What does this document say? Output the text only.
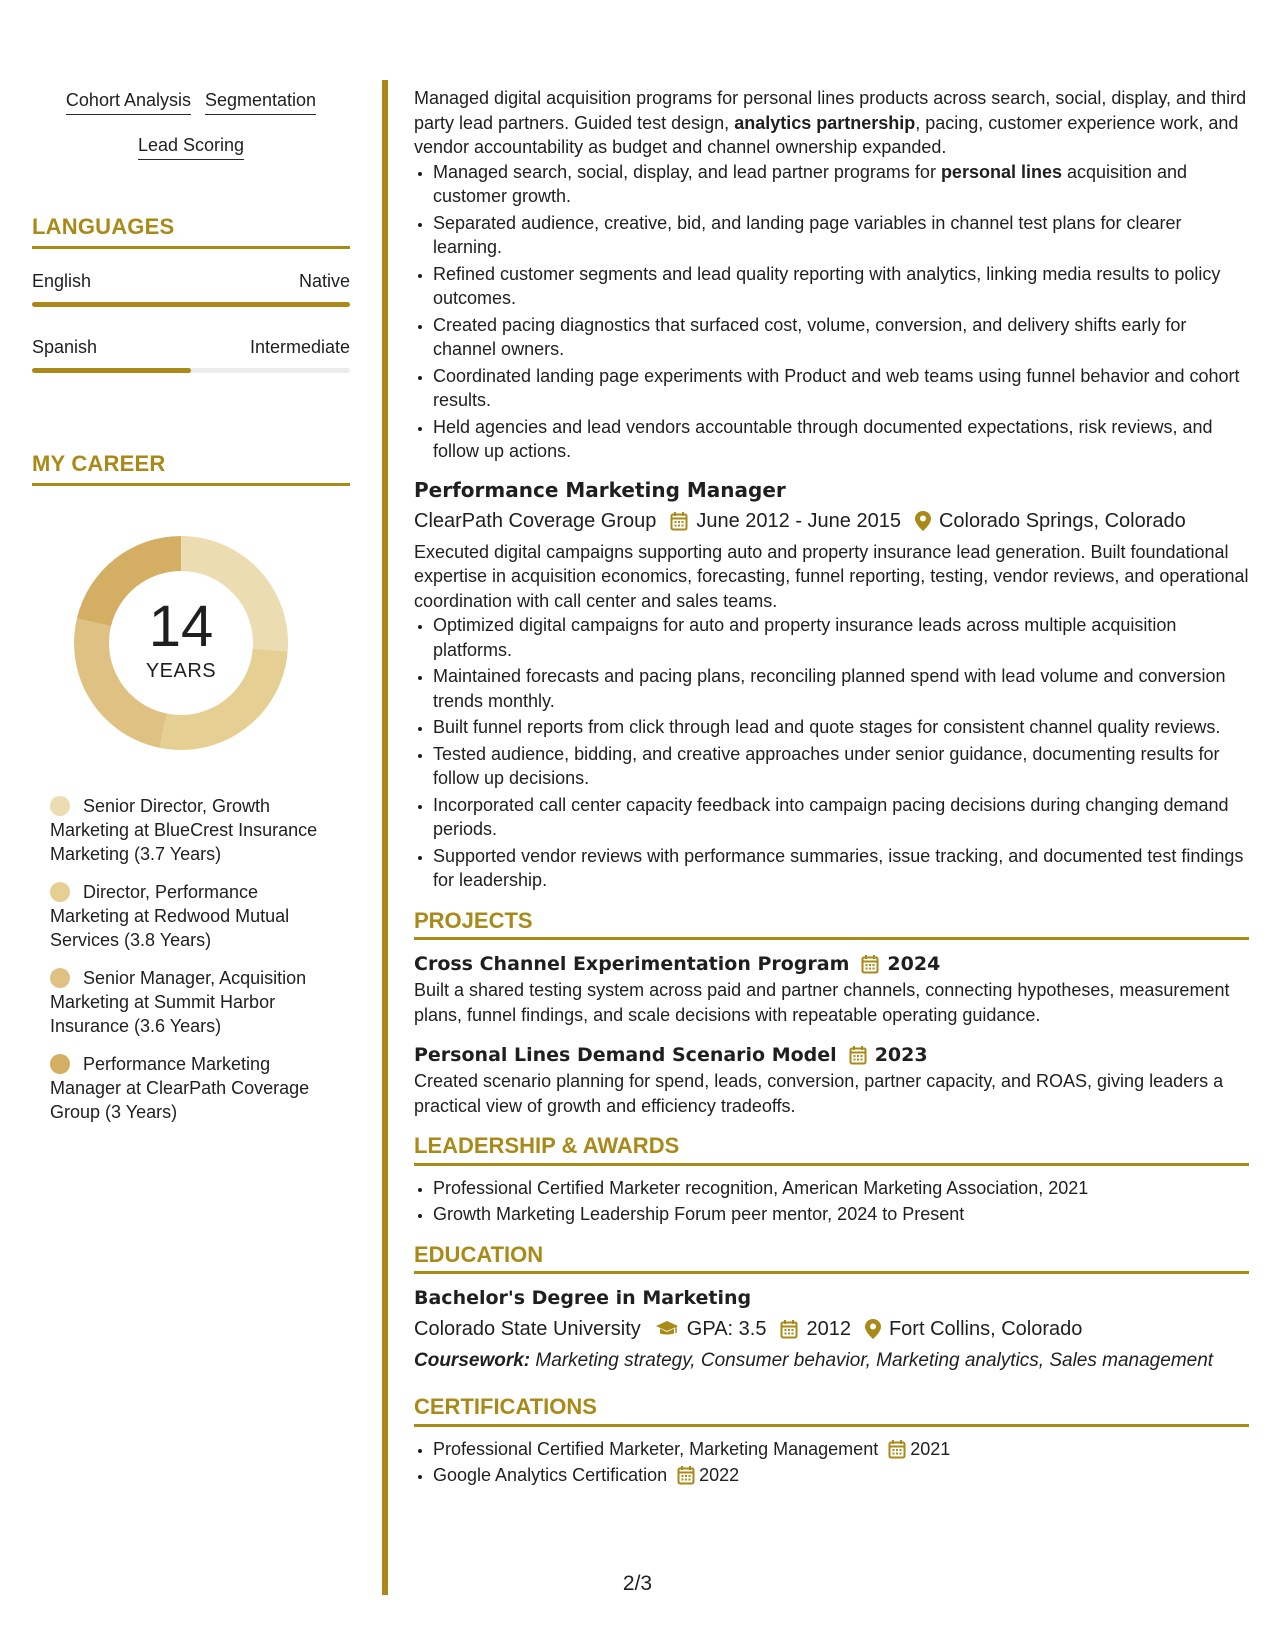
Cohort Analysis Segmentation
Lead Scoring
LANGUAGES
English	Native
Spanish	Intermediate
MY CAREER
14
YEARS
Senior Director, Growth Marketing at BlueCrest Insurance Marketing (3.7 Years)
Director, Performance Marketing at Redwood Mutual Services (3.8 Years)
Senior Manager, Acquisition Marketing at Summit Harbor Insurance (3.6 Years)
Performance Marketing Manager at ClearPath Coverage Group (3 Years)

Managed digital acquisition programs for personal lines products across search, social, display, and third party lead partners. Guided test design, analytics partnership, pacing, customer experience work, and vendor accountability as budget and channel ownership expanded.

• Managed search, social, display, and lead partner programs for personal lines acquisition and customer growth.
• Separated audience, creative, bid, and landing page variables in channel test plans for clearer learning.
• Refined customer segments and lead quality reporting with analytics, linking media results to policy outcomes.
• Created pacing diagnostics that surfaced cost, volume, conversion, and delivery shifts early for channel owners.
• Coordinated landing page experiments with Product and web teams using funnel behavior and cohort results.
• Held agencies and lead vendors accountable through documented expectations, risk reviews, and follow up actions.
Performance Marketing Manager
ClearPath Coverage Group June 2012 - June 2015 Colorado Springs, Colorado

Executed digital campaigns supporting auto and property insurance lead generation. Built foundational expertise in acquisition economics, forecasting, funnel reporting, testing, vendor reviews, and operational coordination with call center and sales teams.

• Optimized digital campaigns for auto and property insurance leads across multiple acquisition platforms.
• Maintained forecasts and pacing plans, reconciling planned spend with lead volume and conversion trends monthly.
• Built funnel reports from click through lead and quote stages for consistent channel quality reviews.
• Tested audience, bidding, and creative approaches under senior guidance, documenting results for follow up decisions.
• Incorporated call center capacity feedback into campaign pacing decisions during changing demand periods.
• Supported vendor reviews with performance summaries, issue tracking, and documented test findings for leadership.
PROJECTS
Cross Channel Experimentation Program 2024

Built a shared testing system across paid and partner channels, connecting hypotheses, measurement plans, funnel findings, and scale decisions with repeatable operating guidance.

Personal Lines Demand Scenario Model 2023

Created scenario planning for spend, leads, conversion, partner capacity, and ROAS, giving leaders a practical view of growth and efficiency tradeoffs.

LEADERSHIP & AWARDS
• Professional Certified Marketer recognition, American Marketing Association, 2021
• Growth Marketing Leadership Forum peer mentor, 2024 to Present
EDUCATION
Bachelor's Degree in Marketing
Colorado State University GPA: 3.5 2012 Fort Collins, Colorado
Coursework: Marketing strategy, Consumer behavior, Marketing analytics, Sales management
CERTIFICATIONS
• Professional Certified Marketer, Marketing Management 2021
• Google Analytics Certification 2022
2/3
